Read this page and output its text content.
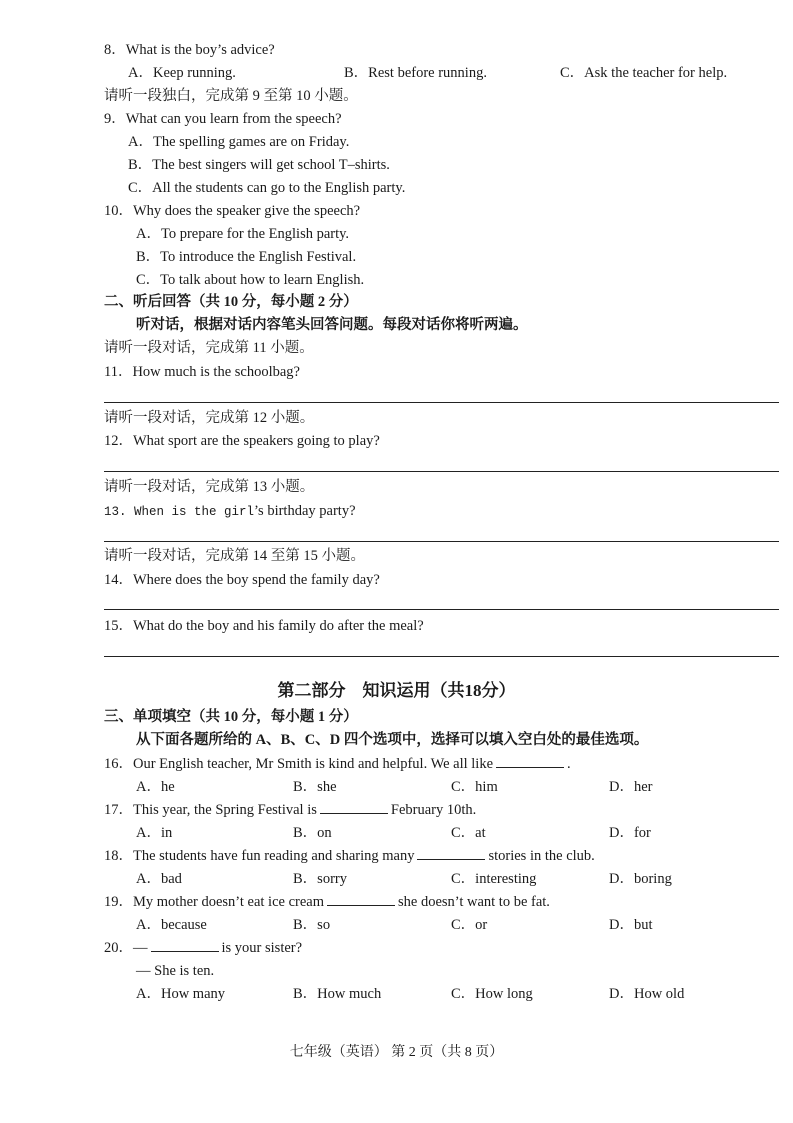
8．What is the boy’s advice?
A．Keep running.	B．Rest before running.	C．Ask the teacher for help.
请听一段独白，完成第 9 至第 10 小题。
9．What can you learn from the speech?
A．The spelling games are on Friday.
B．The best singers will get school T–shirts.
C．All the students can go to the English party.
10．Why does the speaker give the speech?
A．To prepare for the English party.
B．To introduce the English Festival.
C．To talk about how to learn English.
二、听后回答（共 10 分，每小题 2 分）
听对话，根据对话内容笔头回答问题。每段对话你将听两遍。
请听一段对话，完成第 11 小题。
11．How much is the schoolbag?
请听一段对话，完成第 12 小题。
12．What sport are the speakers going to play?
请听一段对话，完成第 13 小题。
13. When is the girl’s birthday party?
请听一段对话，完成第 14 至第 15 小题。
14．Where does the boy spend the family day?
15．What do the boy and his family do after the meal?
第二部分　知识运用（共18分）
三、单项填空（共 10 分，每小题 1 分）
从下面各题所给的 A、B、C、D 四个选项中，选择可以填入空白处的最佳选项。
16．Our English teacher, Mr Smith is kind and helpful. We all like	.
A．he	B．she	C．him	D．her
17．This year, the Spring Festival is	February 10th.
A．in	B．on	C．at	D．for
18．The students have fun reading and sharing many	stories in the club.
A．bad	B．sorry	C．interesting	D．boring
19．My mother doesn’t eat ice cream	she doesn’t want to be fat.
A．because	B．so	C．or	D．but
20．—	is your sister?
— She is ten.
A．How many	B．How much	C．How long	D．How old
七年级（英语） 第 2 页（共 8 页）
